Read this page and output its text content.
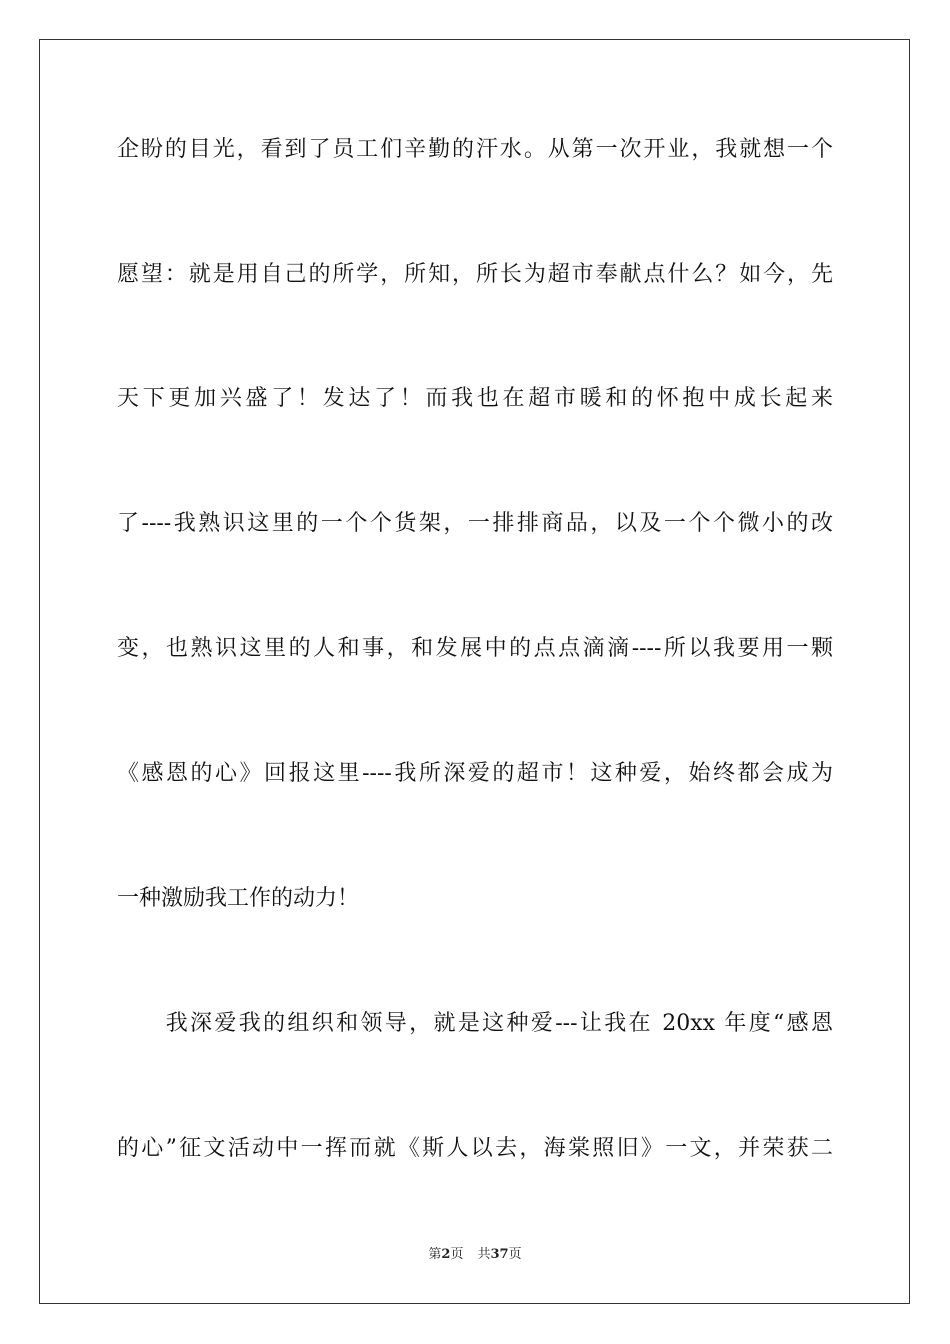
企盼的目光，看到了员工们辛勤的汗水。从第一次开业，我就想一个
愿望：就是用自己的所学，所知，所长为超市奉献点什么？如今，先
天下更加兴盛了！发达了！而我也在超市暖和的怀抱中成长起来
了----我熟识这里的一个个货架，一排排商品，以及一个个微小的改
变，也熟识这里的人和事，和发展中的点点滴滴----所以我要用一颗
《感恩的心》回报这里----我所深爱的超市！这种爱，始终都会成为
一种激励我工作的动力！
　　我深爱我的组织和领导，就是这种爱---让我在 20xx 年度“感恩
的心”征文活动中一挥而就《斯人以去，海棠照旧》一文，并荣获二
第2页 共37页
